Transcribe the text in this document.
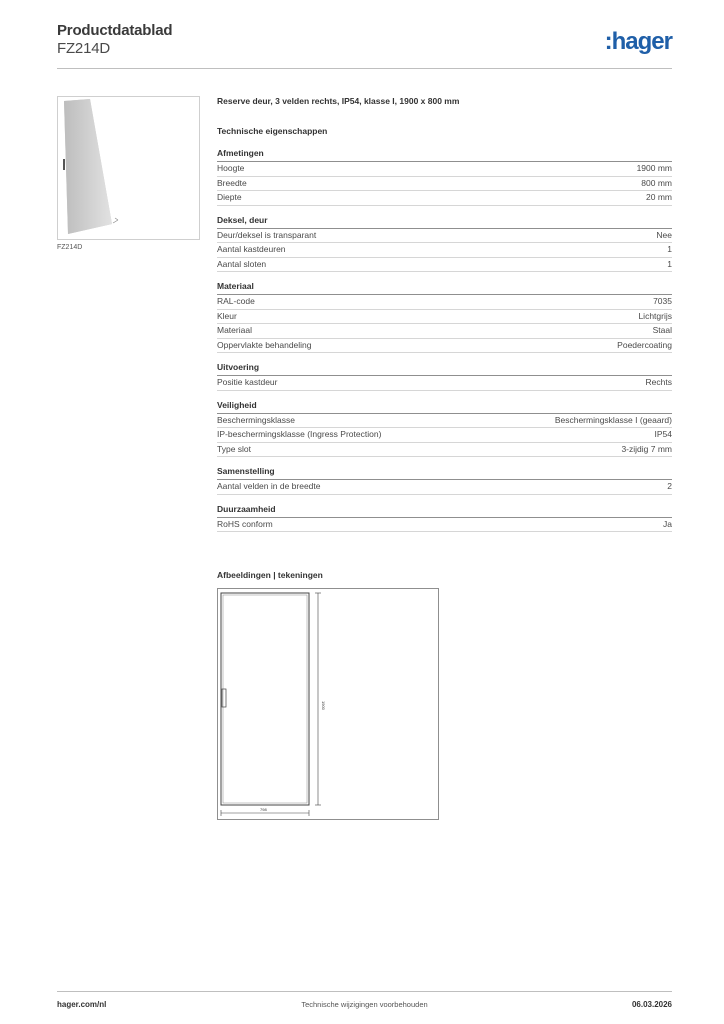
Productdatablad
FZ214D	:hager
FZ214D
Reserve deur, 3 velden rechts, IP54, klasse I, 1900 x 800 mm
Technische eigenschappen
Afmetingen
Hoogte	1900 mm
Breedte	800 mm
Diepte	20 mm
Deksel, deur
Deur/deksel is transparant	Nee
Aantal kastdeuren	1
Aantal sloten	1
Materiaal
RAL-code	7035
Kleur	Lichtgrijs
Materiaal	Staal
Oppervlakte behandeling	Poedercoating
Uitvoering
Positie kastdeur	Rechts
Veiligheid
Beschermingsklasse	Beschermingsklasse I (geaard)
IP-beschermingsklasse (Ingress Protection)	IP54
Type slot	3-zijdig 7 mm
Samenstelling
Aantal velden in de breedte	2
Duurzaamheid
RoHS conform	Ja
Afbeeldingen | tekeningen
1900
798
hager.com/nl	Technische wijzigingen voorbehouden	06.03.2026
